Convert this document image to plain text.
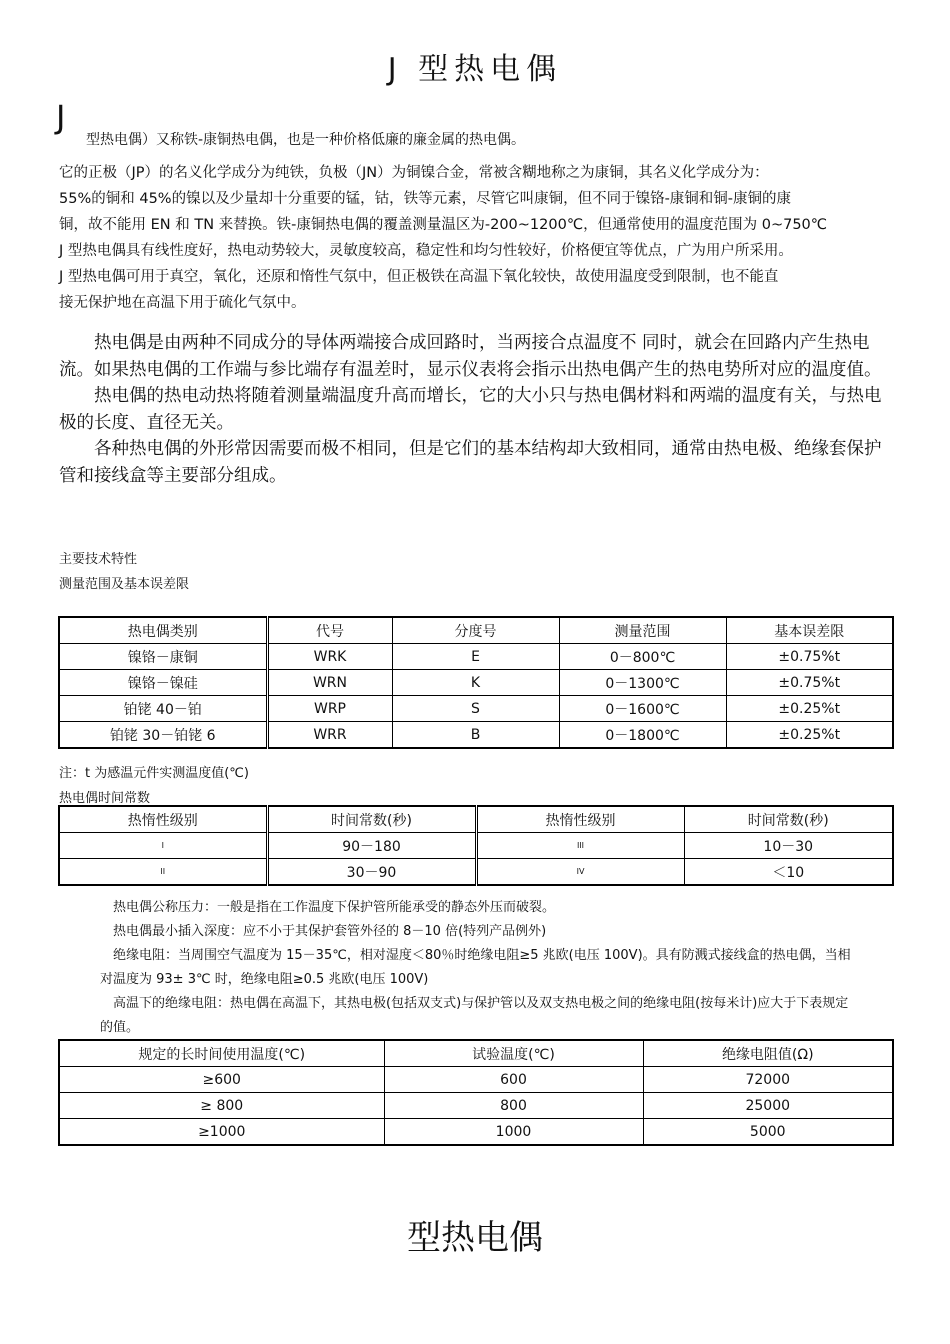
J 型热电偶
J
型热电偶）又称铁-康铜热电偶，也是一种价格低廉的廉金属的热电偶。

它的正极（JP）的名义化学成分为纯铁，负极（JN）为铜镍合金，常被含糊地称之为康铜，其名义化学成分为：

55%的铜和 45%的镍以及少量却十分重要的锰，钴，铁等元素，尽管它叫康铜，但不同于镍铬-康铜和铜-康铜的康

铜，故不能用 EN 和 TN 来替换。铁-康铜热电偶的覆盖测量温区为-200~1200℃，但通常使用的温度范围为 0~750℃

J 型热电偶具有线性度好，热电动势较大，灵敏度较高，稳定性和均匀性较好，价格便宜等优点，广为用户所采用。

J 型热电偶可用于真空，氧化，还原和惰性气氛中，但正极铁在高温下氧化较快，故使用温度受到限制，也不能直

接无保护地在高温下用于硫化气氛中。

热电偶是由两种不同成分的导体两端接合成回路时，当两接合点温度不 同时，就会在回路内产生热电流。如果热电偶的工作端与参比端存有温差时，显示仪表将会指示出热电偶产生的热电势所对应的温度值。

热电偶的热电动热将随着测量端温度升高而增长，它的大小只与热电偶材料和两端的温度有关，与热电极的长度、直径无关。

各种热电偶的外形常因需要而极不相同，但是它们的基本结构却大致相同，通常由热电极、绝缘套保护管和接线盒等主要部分组成。

主要技术特性
测量范围及基本误差限
热电偶类别	代号	分度号	测量范围	基本误差限
镍铬－康铜	WRK	E	0－800℃	±0.75%t
镍铬－镍硅	WRN	K	0－1300℃	±0.75%t
铂铑 40－铂	WRP	S	0－1600℃	±0.25%t
铂铑 30－铂铑 6	WRR	B	0－1800℃	±0.25%t
注：t 为感温元件实测温度值(℃)
热电偶时间常数
热惰性级别	时间常数(秒)	热惰性级别	时间常数(秒)
I	90－180	III	10－30
II	30－90	IV	＜10

热电偶公称压力：一般是指在工作温度下保护管所能承受的静态外压而破裂。

热电偶最小插入深度：应不小于其保护套管外径的 8－10 倍(特列产品例外)

绝缘电阻：当周围空气温度为 15－35℃，相对湿度＜80％时绝缘电阻≥5 兆欧(电压 100V)。具有防溅式接线盒的热电偶，当相对温度为 93± 3℃ 时，绝缘电阻≥0.5 兆欧(电压 100V)

高温下的绝缘电阻：热电偶在高温下，其热电极(包括双支式)与保护管以及双支热电极之间的绝缘电阻(按每米计)应大于下表规定的值。

规定的长时间使用温度(℃)	试验温度(℃)	绝缘电阻值(Ω)
≥600	600	72000
≥ 800	800	25000
≥1000	1000	5000
型热电偶
